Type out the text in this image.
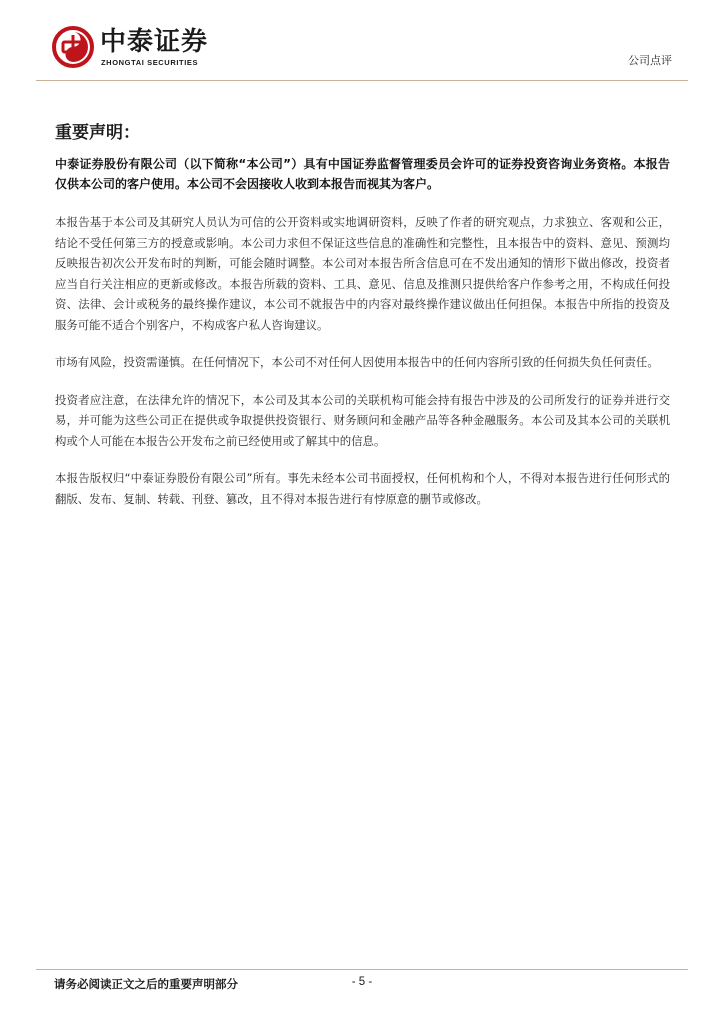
中泰证券
ZHONGTAI SECURITIES	公司点评
重要声明：
中泰证券股份有限公司（以下简称“本公司”）具有中国证券监督管理委员会许可的证券投资咨询业务资格。本报告仅供本公司的客户使用。本公司不会因接收人收到本报告而视其为客户。
本报告基于本公司及其研究人员认为可信的公开资料或实地调研资料，反映了作者的研究观点，力求独立、客观和公正，结论不受任何第三方的授意或影响。本公司力求但不保证这些信息的准确性和完整性，且本报告中的资料、意见、预测均反映报告初次公开发布时的判断，可能会随时调整。本公司对本报告所含信息可在不发出通知的情形下做出修改，投资者应当自行关注相应的更新或修改。本报告所载的资料、工具、意见、信息及推测只提供给客户作参考之用，不构成任何投资、法律、会计或税务的最终操作建议，本公司不就报告中的内容对最终操作建议做出任何担保。本报告中所指的投资及服务可能不适合个别客户，不构成客户私人咨询建议。
市场有风险，投资需谨慎。在任何情况下，本公司不对任何人因使用本报告中的任何内容所引致的任何损失负任何责任。
投资者应注意，在法律允许的情况下，本公司及其本公司的关联机构可能会持有报告中涉及的公司所发行的证券并进行交易，并可能为这些公司正在提供或争取提供投资银行、财务顾问和金融产品等各种金融服务。本公司及其本公司的关联机构或个人可能在本报告公开发布之前已经使用或了解其中的信息。
本报告版权归“中泰证券股份有限公司”所有。事先未经本公司书面授权，任何机构和个人，不得对本报告进行任何形式的翻版、发布、复制、转载、刊登、篡改，且不得对本报告进行有悖原意的删节或修改。
请务必阅读正文之后的重要声明部分	- 5 -
